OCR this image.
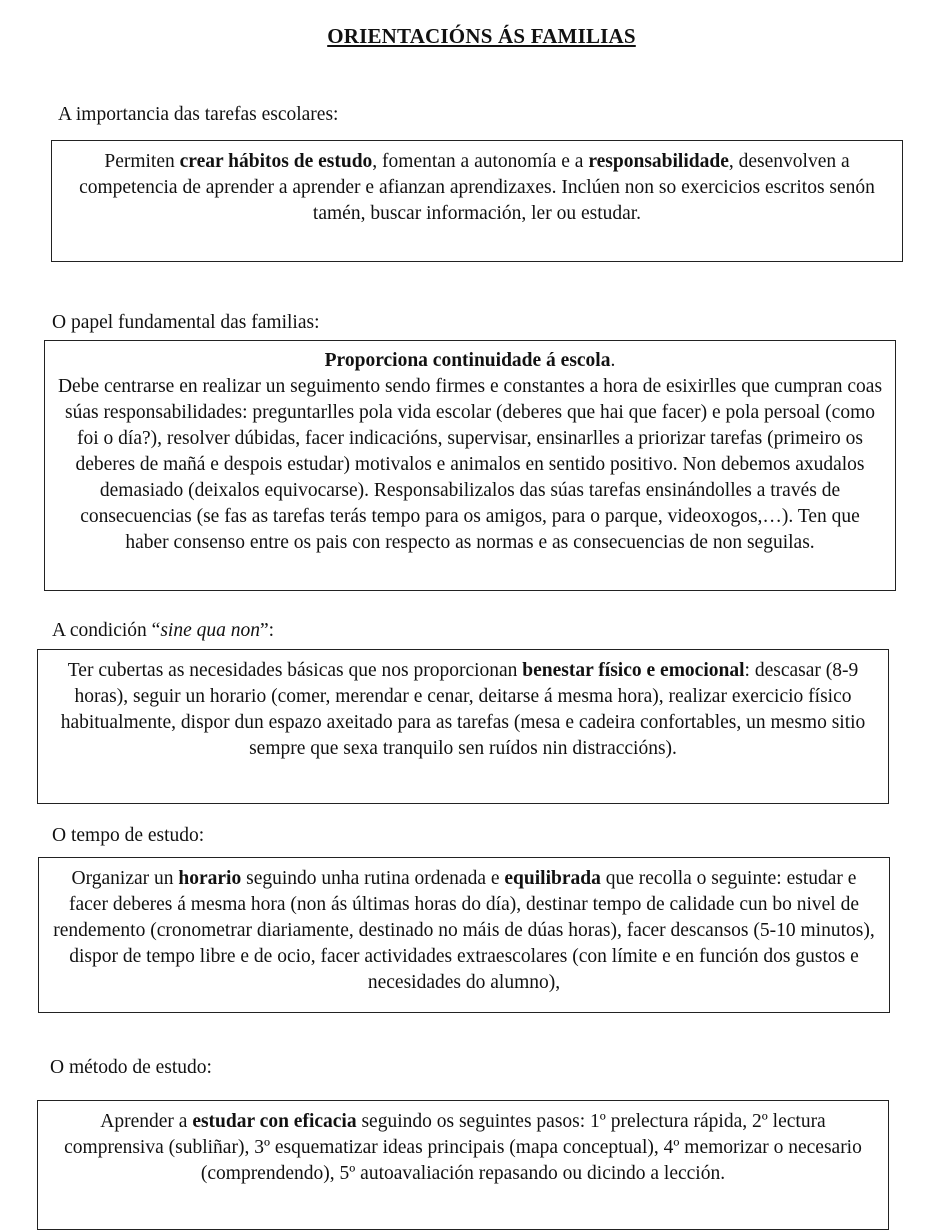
ORIENTACIÓNS ÁS FAMILIAS
A importancia das tarefas escolares:

Permiten crear hábitos de estudo, fomentan a autonomía e a responsabilidade, desenvolven a competencia de aprender a aprender e afianzan aprendizaxes. Inclúen non so exercicios escritos senón tamén, buscar información, ler ou estudar.

O papel fundamental das familias:

Proporciona continuidade á escola.

Debe centrarse en realizar un seguimento sendo firmes e constantes a hora de esixirlles que cumpran coas súas responsabilidades: preguntarlles pola vida escolar (deberes que hai que facer) e pola persoal (como foi o día?), resolver dúbidas, facer indicacións, supervisar, ensinarlles a priorizar tarefas (primeiro os deberes de mañá e despois estudar) motivalos e animalos en sentido positivo. Non debemos axudalos demasiado (deixalos equivocarse). Responsabilizalos das súas tarefas ensinándolles a través de consecuencias (se fas as tarefas terás tempo para os amigos, para o parque, videoxogos,…). Ten que haber consenso entre os pais con respecto as normas e as consecuencias de non seguilas.

A condición “sine qua non”:

Ter cubertas as necesidades básicas que nos proporcionan benestar físico e emocional: descasar (8-9 horas), seguir un horario (comer, merendar e cenar, deitarse á mesma hora), realizar exercicio físico habitualmente, dispor dun espazo axeitado para as tarefas (mesa e cadeira confortables, un mesmo sitio sempre que sexa tranquilo sen ruídos nin distraccións).

O tempo de estudo:

Organizar un horario seguindo unha rutina ordenada e equilibrada que recolla o seguinte: estudar e facer deberes á mesma hora (non ás últimas horas do día), destinar tempo de calidade cun bo nivel de rendemento (cronometrar diariamente, destinado no máis de dúas horas), facer descansos (5-10 minutos), dispor de tempo libre e de ocio, facer actividades extraescolares (con límite e en función dos gustos e necesidades do alumno),

O método de estudo:

Aprender a estudar con eficacia seguindo os seguintes pasos: 1º prelectura rápida, 2º lectura comprensiva (subliñar), 3º esquematizar ideas principais (mapa conceptual), 4º memorizar o necesario (comprendendo), 5º autoavaliación repasando ou dicindo a lección.
